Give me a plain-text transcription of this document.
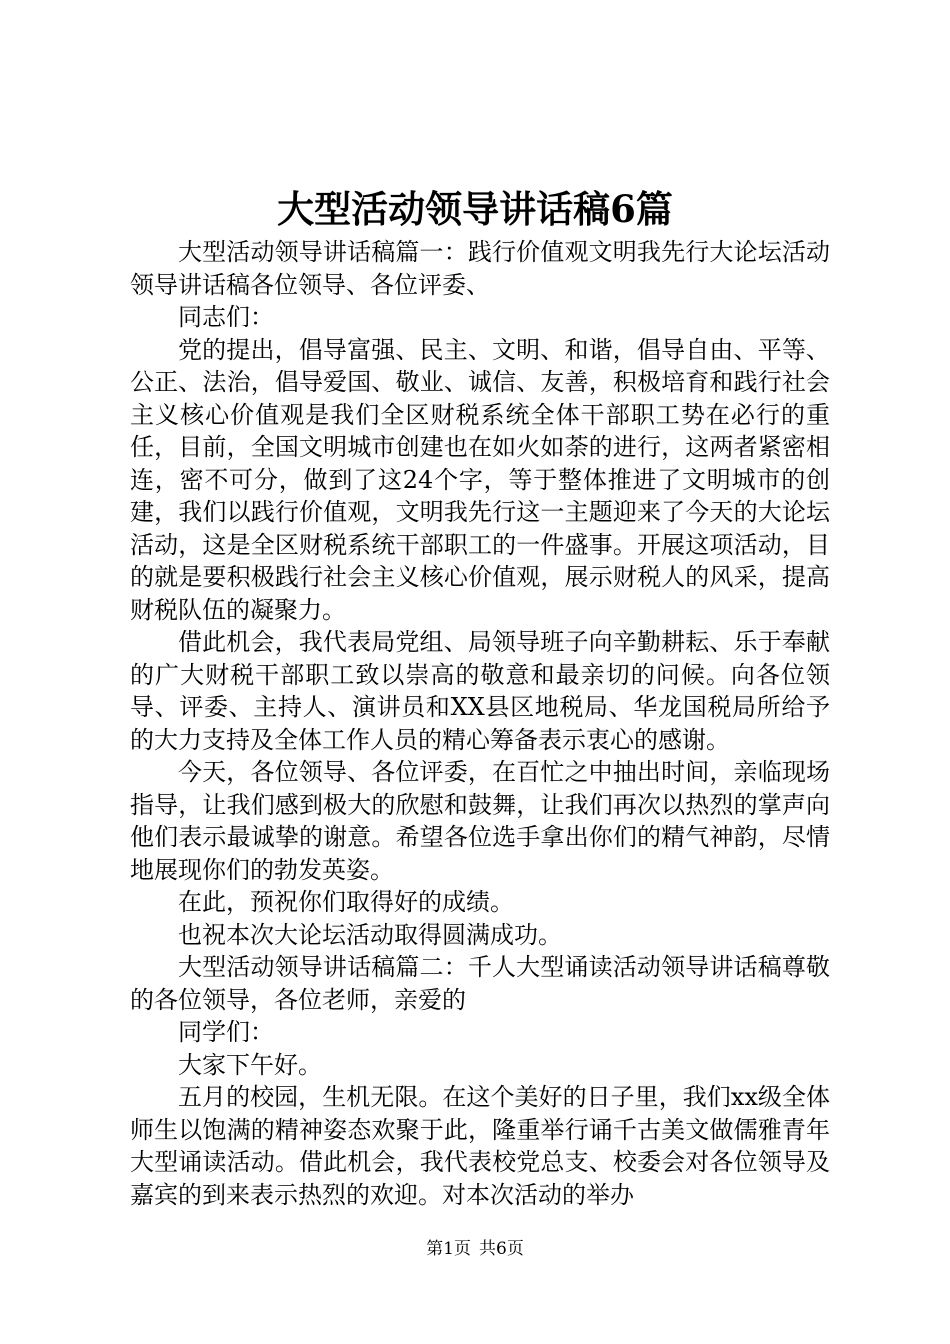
大型活动领导讲话稿6篇

大型活动领导讲话稿篇一：践行价值观文明我先行大论坛活动领导讲话稿各位领导、各位评委、

同志们：

党的提出，倡导富强、民主、文明、和谐，倡导自由、平等、公正、法治，倡导爱国、敬业、诚信、友善，积极培育和践行社会主义核心价值观是我们全区财税系统全体干部职工势在必行的重任，目前，全国文明城市创建也在如火如荼的进行，这两者紧密相连，密不可分，做到了这24个字，等于整体推进了文明城市的创建，我们以践行价值观，文明我先行这一主题迎来了今天的大论坛活动，这是全区财税系统干部职工的一件盛事。开展这项活动，目的就是要积极践行社会主义核心价值观，展示财税人的风采，提高财税队伍的凝聚力。

借此机会，我代表局党组、局领导班子向辛勤耕耘、乐于奉献的广大财税干部职工致以崇高的敬意和最亲切的问候。向各位领导、评委、主持人、演讲员和XX县区地税局、华龙国税局所给予的大力支持及全体工作人员的精心筹备表示衷心的感谢。

今天，各位领导、各位评委，在百忙之中抽出时间，亲临现场指导，让我们感到极大的欣慰和鼓舞，让我们再次以热烈的掌声向他们表示最诚挚的谢意。希望各位选手拿出你们的精气神韵，尽情地展现你们的勃发英姿。

在此，预祝你们取得好的成绩。

也祝本次大论坛活动取得圆满成功。

大型活动领导讲话稿篇二：千人大型诵读活动领导讲话稿尊敬的各位领导，各位老师，亲爱的

同学们：

大家下午好。

五月的校园，生机无限。在这个美好的日子里，我们xx级全体师生以饱满的精神姿态欢聚于此，隆重举行诵千古美文做儒雅青年大型诵读活动。借此机会，我代表校党总支、校委会对各位领导及嘉宾的到来表示热烈的欢迎。对本次活动的举办

第1页 共6页
